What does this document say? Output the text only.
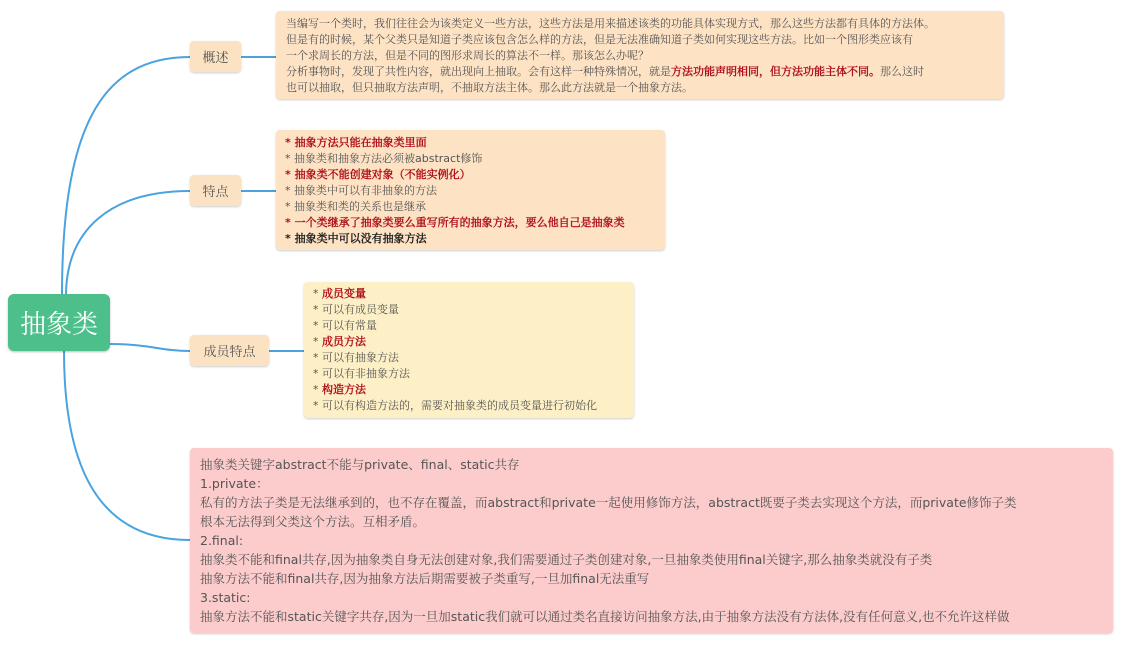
抽象类
概述
特点
成员特点
当编写一个类时，我们往往会为该类定义一些方法，这些方法是用来描述该类的功能具体实现方式，那么这些方法都有具体的方法体。
但是有的时候，某个父类只是知道子类应该包含怎么样的方法，但是无法准确知道子类如何实现这些方法。比如一个图形类应该有
一个求周长的方法，但是不同的图形求周长的算法不一样。那该怎么办呢？
分析事物时，发现了共性内容，就出现向上抽取。会有这样一种特殊情况，就是方法功能声明相同，但方法功能主体不同。那么这时
也可以抽取，但只抽取方法声明，不抽取方法主体。那么此方法就是一个抽象方法。
* 抽象方法只能在抽象类里面
* 抽象类和抽象方法必须被abstract修饰
* 抽象类不能创建对象（不能实例化）
* 抽象类中可以有非抽象的方法
* 抽象类和类的关系也是继承
* 一个类继承了抽象类要么重写所有的抽象方法，要么他自己是抽象类
* 抽象类中可以没有抽象方法
* 成员变量
* 可以有成员变量
* 可以有常量
* 成员方法
* 可以有抽象方法
* 可以有非抽象方法
* 构造方法
* 可以有构造方法的，需要对抽象类的成员变量进行初始化
抽象类关键字abstract不能与private、final、static共存
1.private：
私有的方法子类是无法继承到的，也不存在覆盖，而abstract和private一起使用修饰方法，abstract既要子类去实现这个方法，而private修饰子类
根本无法得到父类这个方法。互相矛盾。
2.final:
抽象类不能和final共存,因为抽象类自身无法创建对象,我们需要通过子类创建对象,一旦抽象类使用final关键字,那么抽象类就没有子类
抽象方法不能和final共存,因为抽象方法后期需要被子类重写,一旦加final无法重写
3.static:
抽象方法不能和static关键字共存,因为一旦加static我们就可以通过类名直接访问抽象方法,由于抽象方法没有方法体,没有任何意义,也不允许这样做
